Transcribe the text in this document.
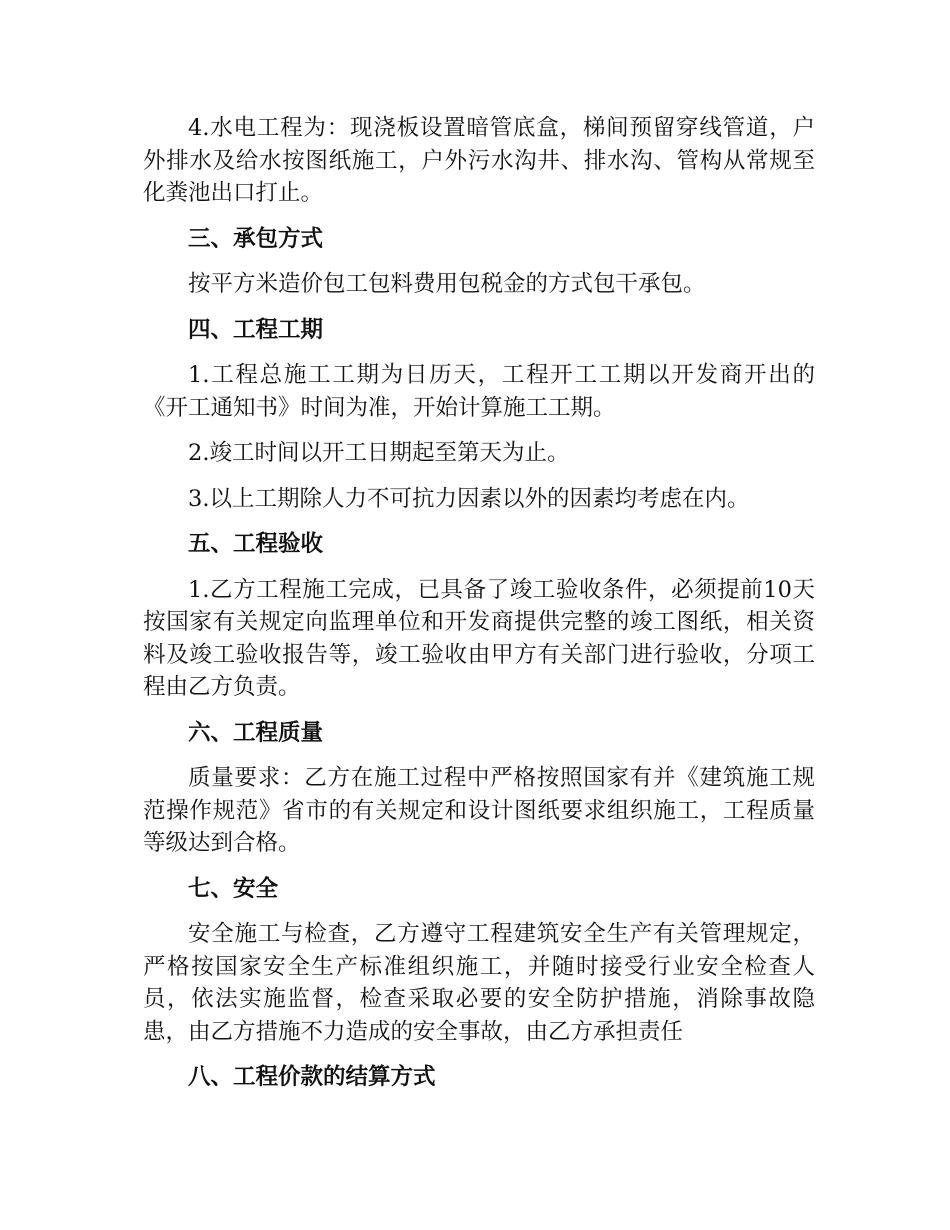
4.水电工程为：现浇板设置暗管底盒，梯间预留穿线管道，户外排水及给水按图纸施工，户外污水沟井、排水沟、管构从常规至化粪池出口打止。

三、承包方式

按平方米造价包工包料费用包税金的方式包干承包。

四、工程工期

1.工程总施工工期为日历天，工程开工工期以开发商开出的《开工通知书》时间为准，开始计算施工工期。

2.竣工时间以开工日期起至第天为止。

3.以上工期除人力不可抗力因素以外的因素均考虑在内。

五、工程验收

1.乙方工程施工完成，已具备了竣工验收条件，必须提前10天按国家有关规定向监理单位和开发商提供完整的竣工图纸，相关资料及竣工验收报告等，竣工验收由甲方有关部门进行验收，分项工程由乙方负责。

六、工程质量

质量要求：乙方在施工过程中严格按照国家有并《建筑施工规范操作规范》省市的有关规定和设计图纸要求组织施工，工程质量等级达到合格。

七、安全

安全施工与检查，乙方遵守工程建筑安全生产有关管理规定，严格按国家安全生产标准组织施工，并随时接受行业安全检查人员，依法实施监督，检查采取必要的安全防护措施，消除事故隐患，由乙方措施不力造成的安全事故，由乙方承担责任

八、工程价款的结算方式
